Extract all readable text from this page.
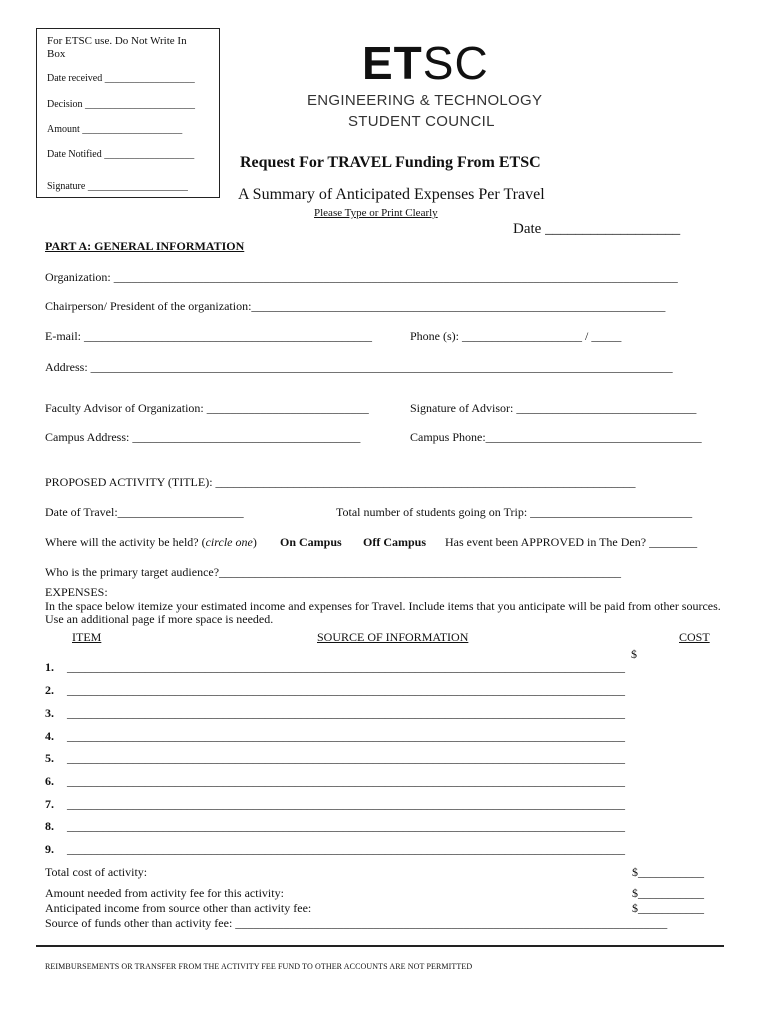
For ETSC use. Do Not Write In Box
Date received __________________
Decision ______________________
Amount ____________________
Date Notified __________________
Signature ____________________
ETSC
ENGINEERING & TECHNOLOGY
STUDENT COUNCIL
Request For TRAVEL Funding From ETSC
A Summary of Anticipated Expenses Per Travel
Please Type or Print Clearly
Date __________________
PART A: GENERAL INFORMATION
Organization: ______________________________________________________________________________________________
Chairperson/ President of the organization:_____________________________________________________________________
E-mail: ________________________________________________	Phone (s): ____________________ / _____
Address: _________________________________________________________________________________________________
Faculty Advisor of Organization: ___________________________	Signature of Advisor: ______________________________
Campus Address: ______________________________________	Campus Phone:____________________________________
PROPOSED ACTIVITY (TITLE): ______________________________________________________________________
Date of Travel:_____________________	Total number of students going on Trip: ___________________________
Where will the activity be held? (circle one) On Campus Off Campus Has event been APPROVED in The Den? ________
Who is the primary target audience?___________________________________________________________________
EXPENSES:
In the space below itemize your estimated income and expenses for Travel. Include items that you anticipate will be paid from other sources. Use an additional page if more space is needed.
ITEM	SOURCE OF INFORMATION	COST
$
1. _____________________________________________________________________________________________
2. _____________________________________________________________________________________________
3. _____________________________________________________________________________________________
4. _____________________________________________________________________________________________
5. _____________________________________________________________________________________________
6. _____________________________________________________________________________________________
7. _____________________________________________________________________________________________
8. _____________________________________________________________________________________________
9. _____________________________________________________________________________________________
Total cost of activity:	$___________
Amount needed from activity fee for this activity:	$___________
Anticipated income from source other than activity fee:	$___________
Source of funds other than activity fee: ________________________________________________________________________
REIMBURSEMENTS OR TRANSFER FROM THE ACTIVITY FEE FUND TO OTHER ACCOUNTS ARE NOT PERMITTED
